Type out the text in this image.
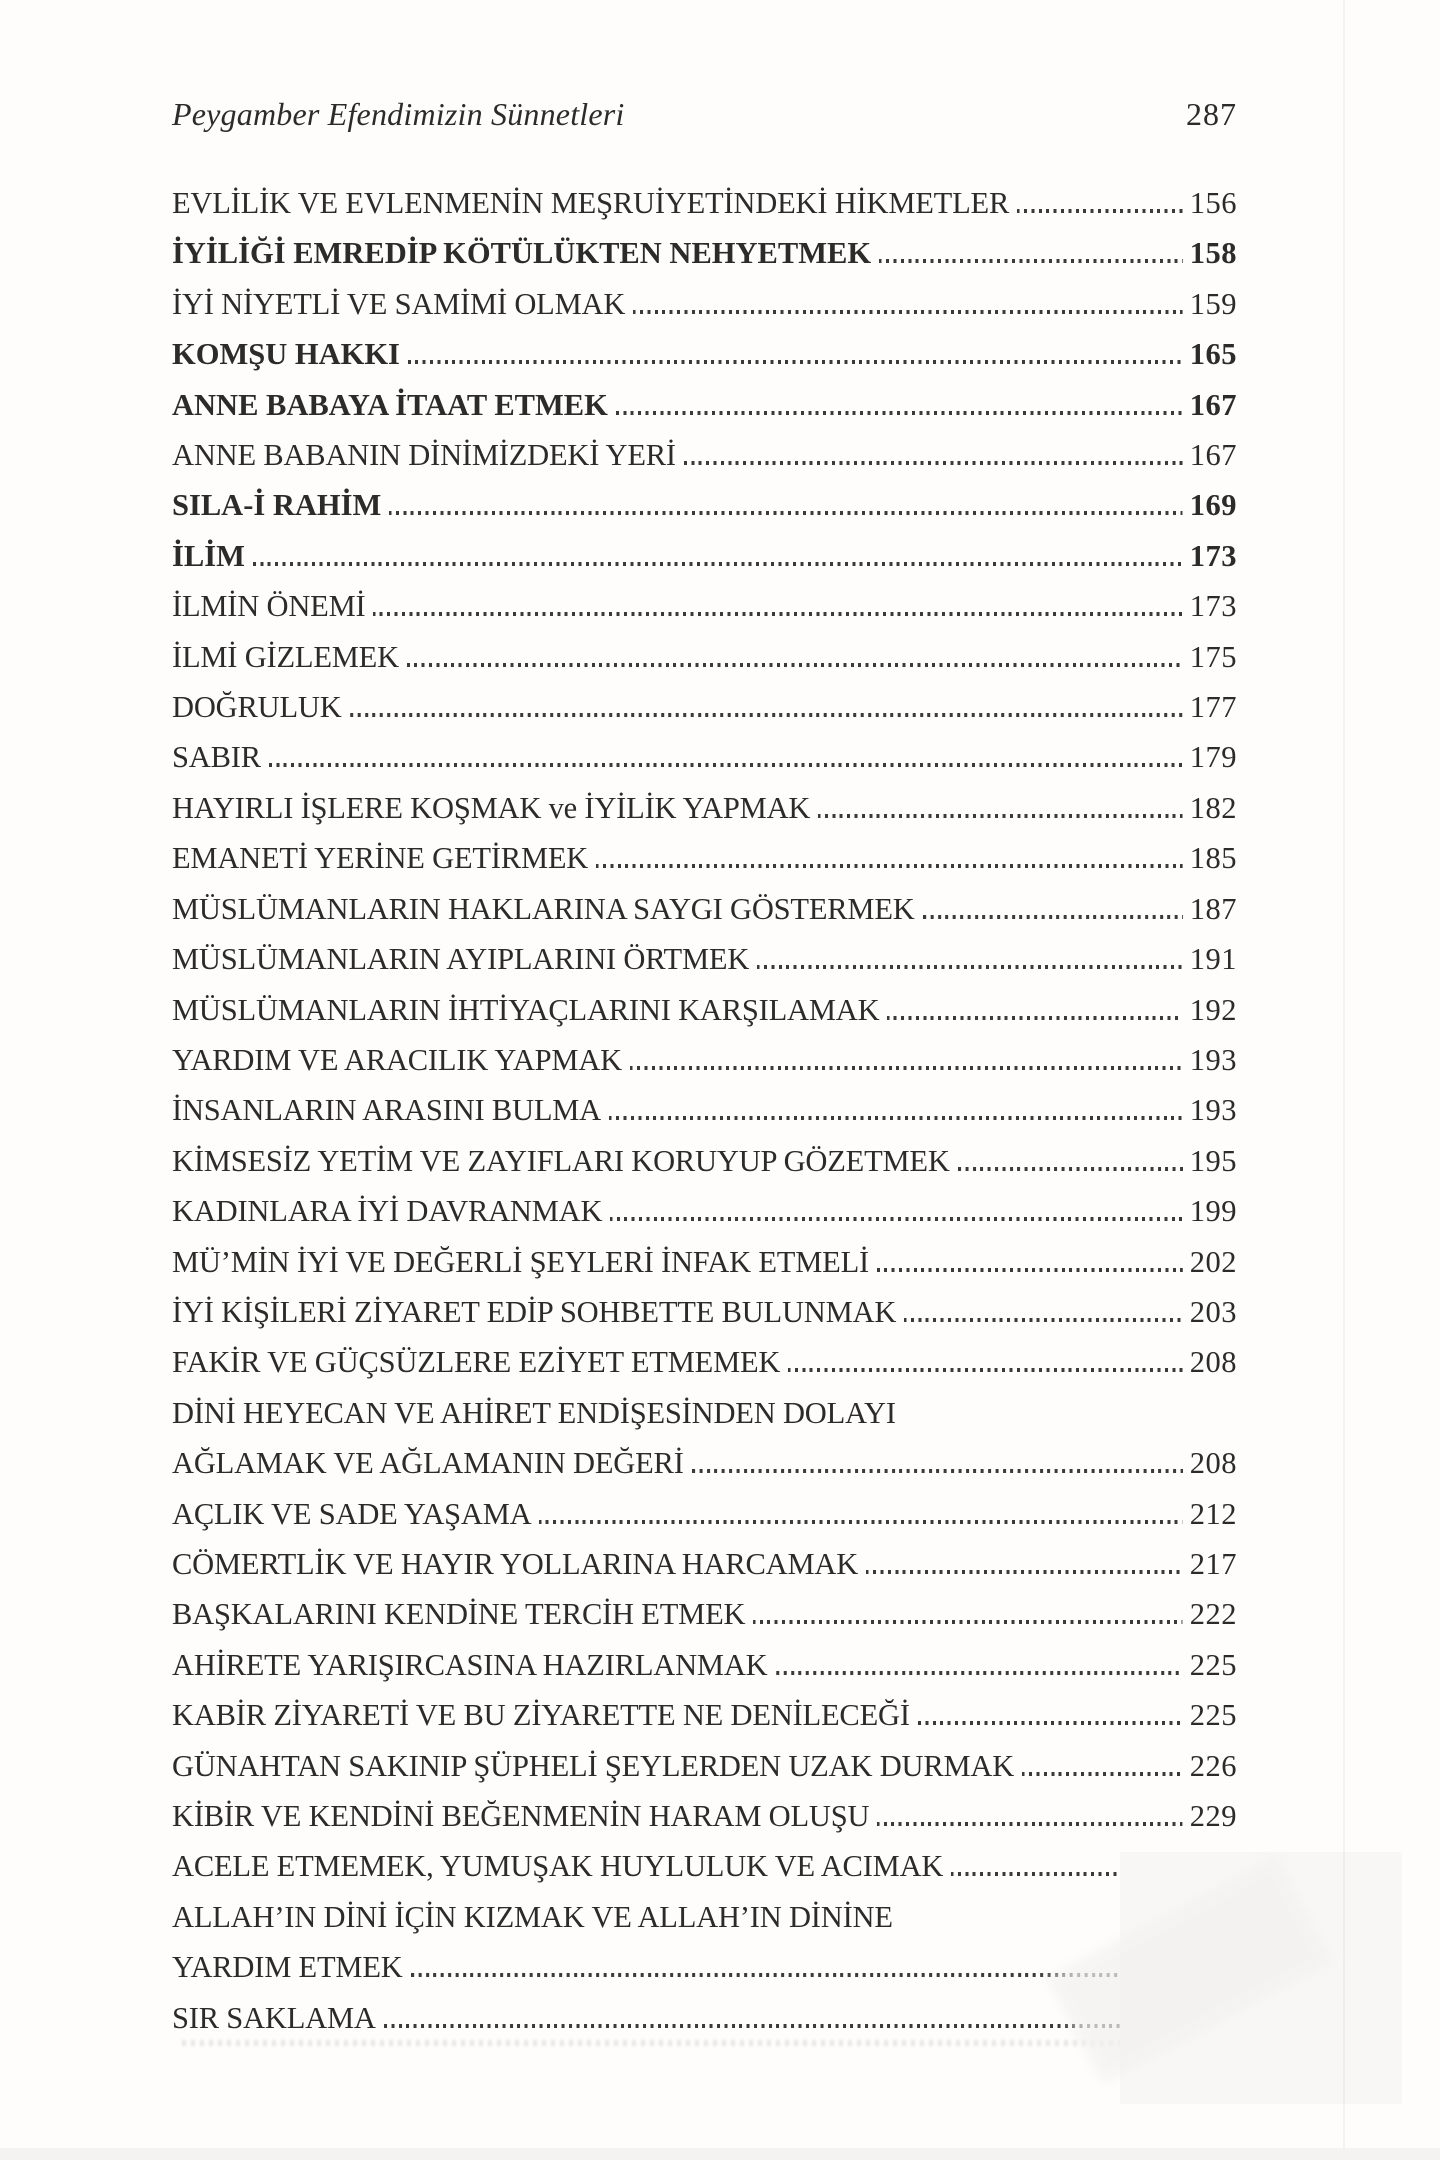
Peygamber Efendimizin Sünnetleri	287
EVLİLİK VE EVLENMENİN MEŞRUİYETİNDEKİ HİKMETLER	156
İYİLİĞİ EMREDİP KÖTÜLÜKTEN NEHYETMEK	158
İYİ NİYETLİ VE SAMİMİ OLMAK	159
KOMŞU HAKKI	165
ANNE BABAYA İTAAT ETMEK	167
ANNE BABANIN DİNİMİZDEKİ YERİ	167
SILA-İ RAHİM	169
İLİM	173
İLMİN ÖNEMİ	173
İLMİ GİZLEMEK	175
DOĞRULUK	177
SABIR	179
HAYIRLI İŞLERE KOŞMAK ve İYİLİK YAPMAK	182
EMANETİ YERİNE GETİRMEK	185
MÜSLÜMANLARIN HAKLARINA SAYGI GÖSTERMEK	187
MÜSLÜMANLARIN AYIPLARINI ÖRTMEK	191
MÜSLÜMANLARIN İHTİYAÇLARINI KARŞILAMAK	192
YARDIM VE ARACILIK YAPMAK	193
İNSANLARIN ARASINI BULMA	193
KİMSESİZ YETİM VE ZAYIFLARI KORUYUP GÖZETMEK	195
KADINLARA İYİ DAVRANMAK	199
MÜ’MİN İYİ VE DEĞERLİ ŞEYLERİ İNFAK ETMELİ	202
İYİ KİŞİLERİ ZİYARET EDİP SOHBETTE BULUNMAK	203
FAKİR VE GÜÇSÜZLERE EZİYET ETMEMEK	208
DİNİ HEYECAN VE AHİRET ENDİŞESİNDEN DOLAYI
AĞLAMAK VE AĞLAMANIN DEĞERİ	208
AÇLIK VE SADE YAŞAMA	212
CÖMERTLİK VE HAYIR YOLLARINA HARCAMAK	217
BAŞKALARINI KENDİNE TERCİH ETMEK	222
AHİRETE YARIŞIRCASINA HAZIRLANMAK	225
KABİR ZİYARETİ VE BU ZİYARETTE NE DENİLECEĞİ	225
GÜNAHTAN SAKINIP ŞÜPHELİ ŞEYLERDEN UZAK DURMAK	226
KİBİR VE KENDİNİ BEĞENMENİN HARAM OLUŞU	229
ACELE ETMEMEK, YUMUŞAK HUYLULUK VE ACIMAK
ALLAH’IN DİNİ İÇİN KIZMAK VE ALLAH’IN DİNİNE
YARDIM ETMEK
SIR SAKLAMA
